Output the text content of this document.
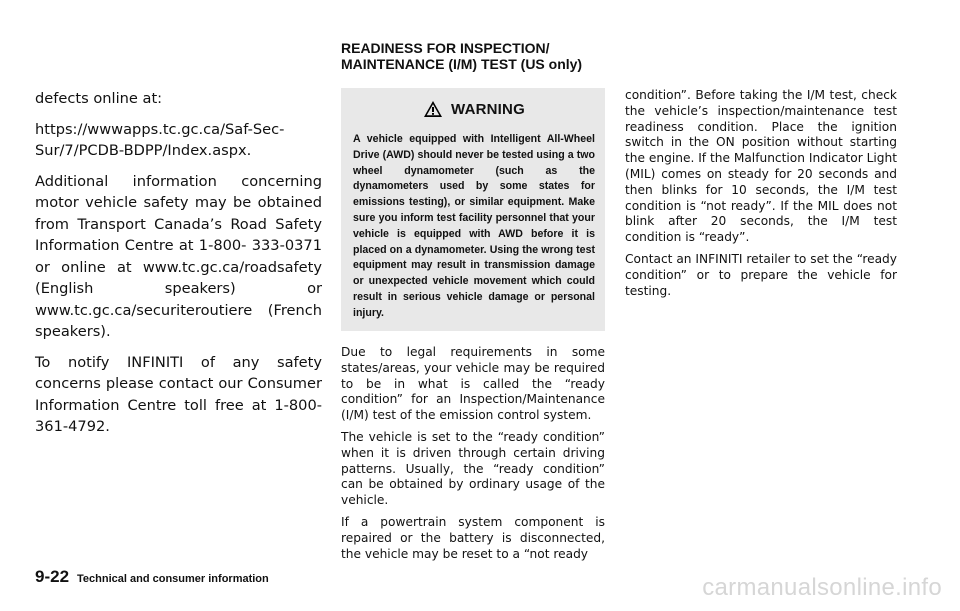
defects online at:

https://wwwapps.tc.gc.ca/Saf-Sec-Sur/7/PCDB-BDPP/Index.aspx.

Additional information concerning motor vehicle safety may be obtained from Transport Canada’s Road Safety Information Centre at 1-800- 333-0371 or online at www.tc.gc.ca/roadsafety (English speakers) or www.tc.gc.ca/securiteroutiere (French speakers).

To notify INFINITI of any safety concerns please contact our Consumer Information Centre toll free at 1-800-361-4792.

READINESS FOR INSPECTION/
MAINTENANCE (I/M) TEST (US only)
WARNING

A vehicle equipped with Intelligent All-Wheel Drive (AWD) should never be tested using a two wheel dynamometer (such as the dynamometers used by some states for emissions testing), or similar equipment. Make sure you inform test facility personnel that your vehicle is equipped with AWD before it is placed on a dynamometer. Using the wrong test equipment may result in transmission damage or unexpected vehicle movement which could result in serious vehicle damage or personal injury.

Due to legal requirements in some states/areas, your vehicle may be required to be in what is called the “ready condition” for an Inspection/Maintenance (I/M) test of the emission control system.

The vehicle is set to the “ready condition” when it is driven through certain driving patterns. Usually, the “ready condition” can be obtained by ordinary usage of the vehicle.

If a powertrain system component is repaired or the battery is disconnected, the vehicle may be reset to a “not ready

condition”. Before taking the I/M test, check the vehicle’s inspection/maintenance test readiness condition. Place the ignition switch in the ON position without starting the engine. If the Malfunction Indicator Light (MIL) comes on steady for 20 seconds and then blinks for 10 seconds, the I/M test condition is “not ready”. If the MIL does not blink after 20 seconds, the I/M test condition is “ready”.

Contact an INFINITI retailer to set the “ready condition” or to prepare the vehicle for testing.

9-22 Technical and consumer information	carmanualsonline.info
